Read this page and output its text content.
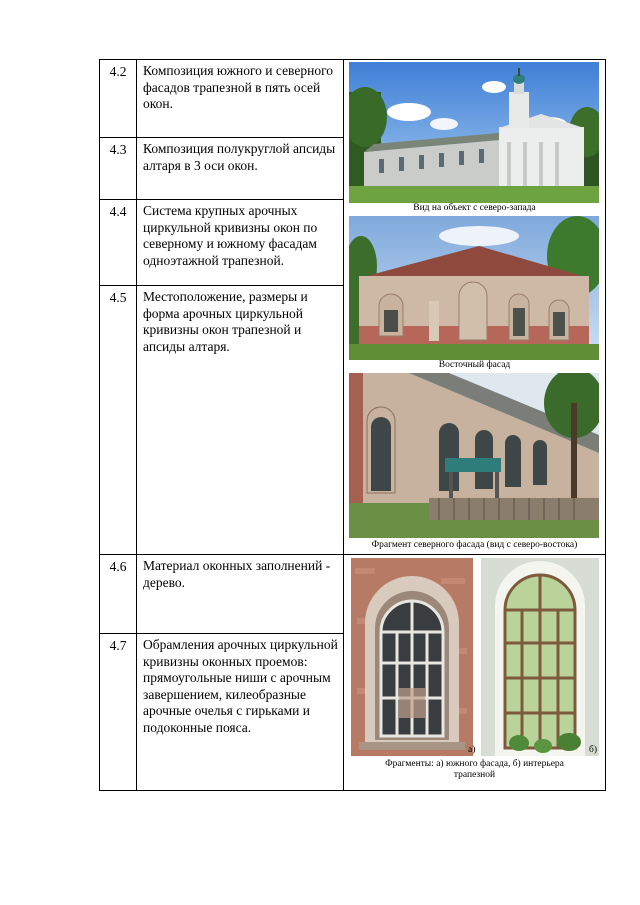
4.2	Композиция южного и северного фасадов трапезной в пять осей окон.	Вид на объект с северо-запада
Восточный фасад
Фрагмент северного фасада (вид с северо-востока)

4.3	Композиция полукруглой апсиды алтаря в 3 оси окон.	
4.4	Система крупных арочных циркульной кривизны окон по северному и южному фасадам одноэтажной трапезной.	
4.5	Местоположение, размеры и форма арочных циркульной кривизны окон трапезной и апсиды алтаря.	
4.6	Материал оконных заполнений - дерево.	а) б)
Фрагменты: а) южного фасада, б) интерьера трапезной

4.7	Обрамления арочных циркульной кривизны оконных проемов: прямоугольные ниши с арочным завершением, килеобразные арочные очелья с гирьками и подоконные пояса.	
